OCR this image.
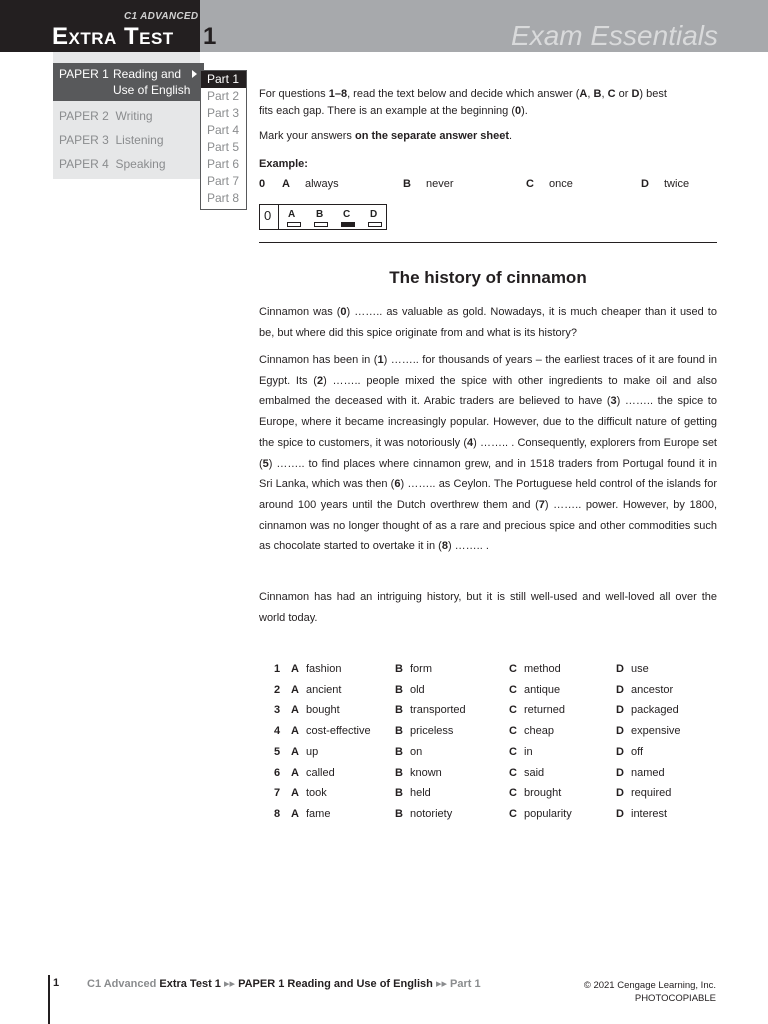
C1 ADVANCED
Extra Test 1	Exam Essentials
PAPER 1 Reading and
Use of English
PAPER 2 Writing
PAPER 3 Listening
PAPER 4 Speaking
Part 1
Part 2
Part 3
Part 4
Part 5
Part 6
Part 7
Part 8
For questions 1–8, read the text below and decide which answer (A, B, C or D) best
fits each gap. There is an example at the beginning (0).
Mark your answers on the separate answer sheet.
Example:
0 A always	B never	C once	D twice
0 A B C D
The history of cinnamon
Cinnamon was (0) …….. as valuable as gold. Nowadays, it is much cheaper than it used to be, but where did this spice originate from and what is its history?
Cinnamon has been in (1) …….. for thousands of years – the earliest traces of it are found in Egypt. Its (2) …….. people mixed the spice with other ingredients to make oil and also embalmed the deceased with it. Arabic traders are believed to have (3) …….. the spice to Europe, where it became increasingly popular. However, due to the difficult nature of getting the spice to customers, it was notoriously (4) …….. . Consequently, explorers from Europe set (5) …….. to find places where cinnamon grew, and in 1518 traders from Portugal found it in Sri Lanka, which was then (6) …….. as Ceylon. The Portuguese held control of the islands for around 100 years until the Dutch overthrew them and (7) …….. power. However, by 1800, cinnamon was no longer thought of as a rare and precious spice and other commodities such as chocolate started to overtake it in (8) …….. .
Cinnamon has had an intriguing history, but it is still well-used and well-loved all over the world today.
1 A fashion	B form	C method	D use
2 A ancient	B old	C antique	D ancestor
3 A bought	B transported	C returned	D packaged
4 A cost-effective B priceless	C cheap	D expensive
5 A up	B on	C in	D off
6 A called	B known	C said	D named
7 A took	B held	C brought	D required
8 A fame	B notoriety	C popularity	D interest
1	C1 Advanced Extra Test 1 ▸▸ PAPER 1 Reading and Use of English ▸▸ Part 1	© 2021 Cengage Learning, Inc.
PHOTOCOPIABLE
